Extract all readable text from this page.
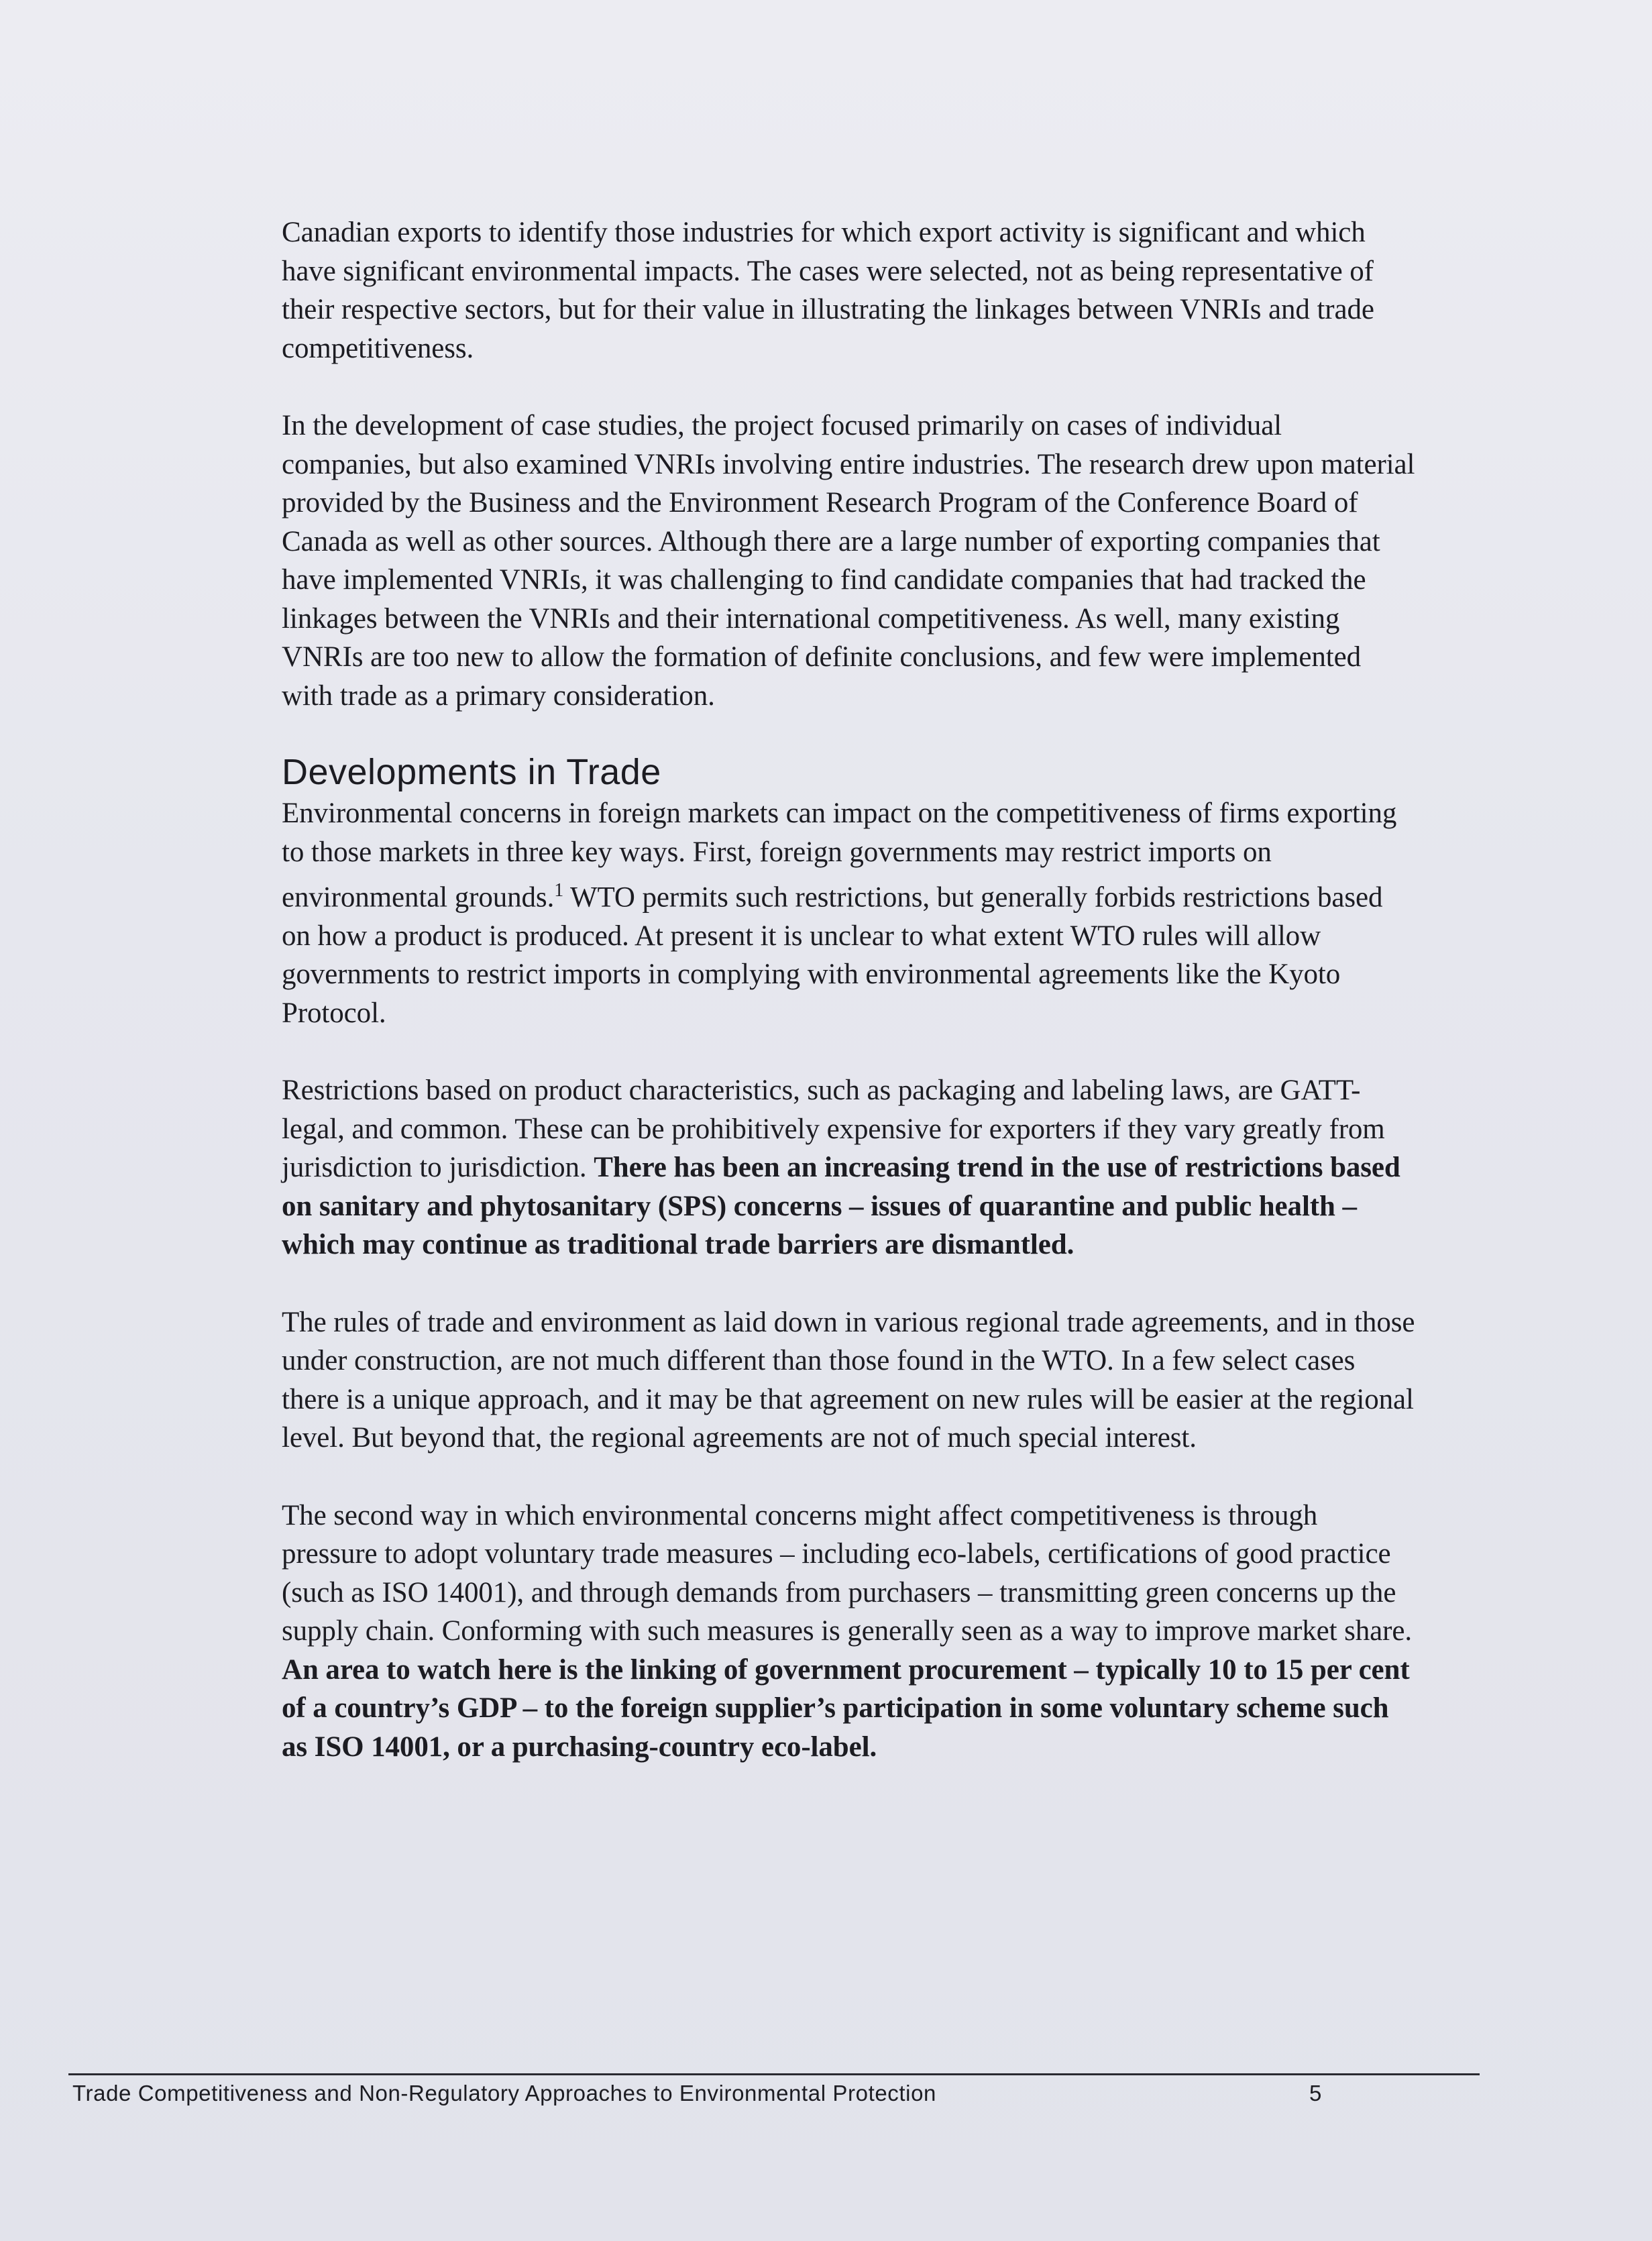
Canadian exports to identify those industries for which export activity is significant and which have significant environmental impacts. The cases were selected, not as being representative of their respective sectors, but for their value in illustrating the linkages between VNRIs and trade competitiveness.

In the development of case studies, the project focused primarily on cases of individual companies, but also examined VNRIs involving entire industries. The research drew upon material provided by the Business and the Environment Research Program of the Conference Board of Canada as well as other sources. Although there are a large number of exporting companies that have implemented VNRIs, it was challenging to find candidate companies that had tracked the linkages between the VNRIs and their international competitiveness. As well, many existing VNRIs are too new to allow the formation of definite conclusions, and few were implemented with trade as a primary consideration.

Developments in Trade

Environmental concerns in foreign markets can impact on the competitiveness of firms exporting to those markets in three key ways. First, foreign governments may restrict imports on environmental grounds.$^1$ WTO permits such restrictions, but generally forbids restrictions based on how a product is produced. At present it is unclear to what extent WTO rules will allow governments to restrict imports in complying with environmental agreements like the Kyoto Protocol.

Restrictions based on product characteristics, such as packaging and labeling laws, are GATT-legal, and common. These can be prohibitively expensive for exporters if they vary greatly from jurisdiction to jurisdiction. There has been an increasing trend in the use of restrictions based on sanitary and phytosanitary (SPS) concerns – issues of quarantine and public health – which may continue as traditional trade barriers are dismantled.

The rules of trade and environment as laid down in various regional trade agreements, and in those under construction, are not much different than those found in the WTO. In a few select cases there is a unique approach, and it may be that agreement on new rules will be easier at the regional level. But beyond that, the regional agreements are not of much special interest.

The second way in which environmental concerns might affect competitiveness is through pressure to adopt voluntary trade measures – including eco-labels, certifications of good practice (such as ISO 14001), and through demands from purchasers – transmitting green concerns up the supply chain. Conforming with such measures is generally seen as a way to improve market share. An area to watch here is the linking of government procurement – typically 10 to 15 per cent of a country’s GDP – to the foreign supplier’s participation in some voluntary scheme such as ISO 14001, or a purchasing-country eco-label.

Trade Competitiveness and Non-Regulatory Approaches to Environmental Protection	5
